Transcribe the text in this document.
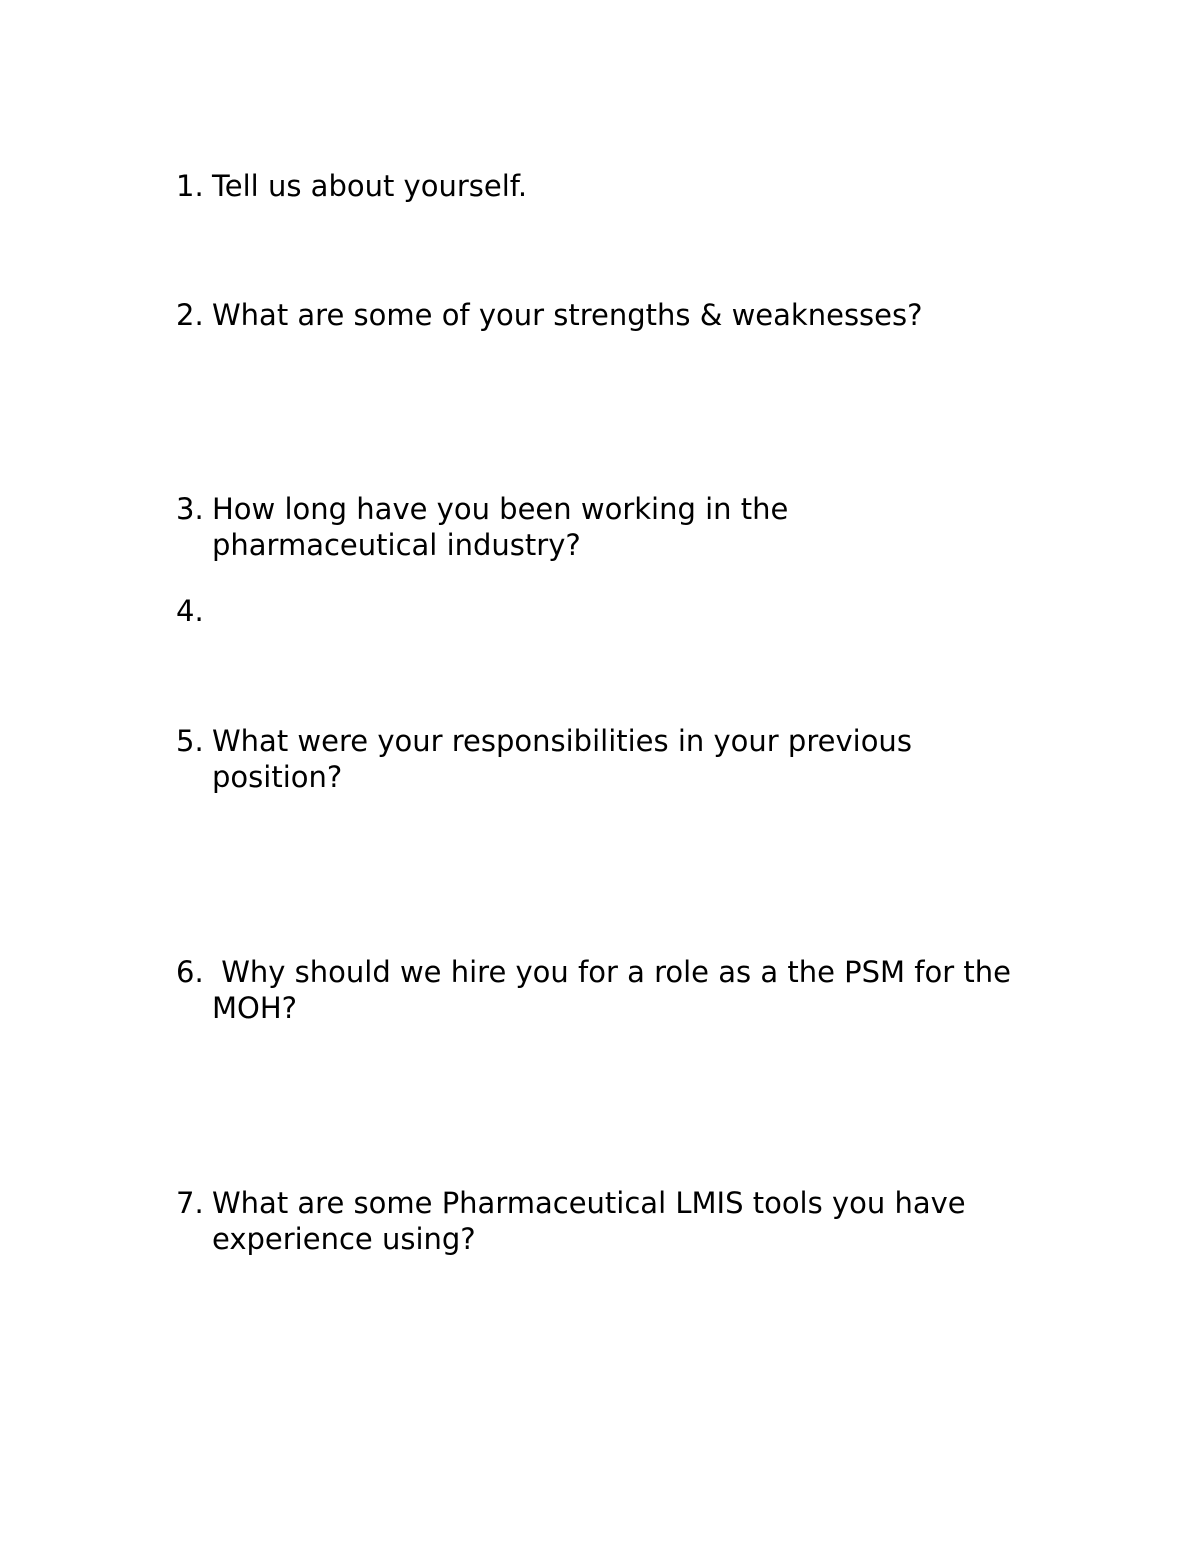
1. Tell us about yourself.
2. What are some of your strengths & weaknesses?
3. How long have you been working in the pharmaceutical industry?
4.
5. What were your responsibilities in your previous position?
6. Why should we hire you for a role as a the PSM for the MOH?
7. What are some Pharmaceutical LMIS tools you have experience using?
